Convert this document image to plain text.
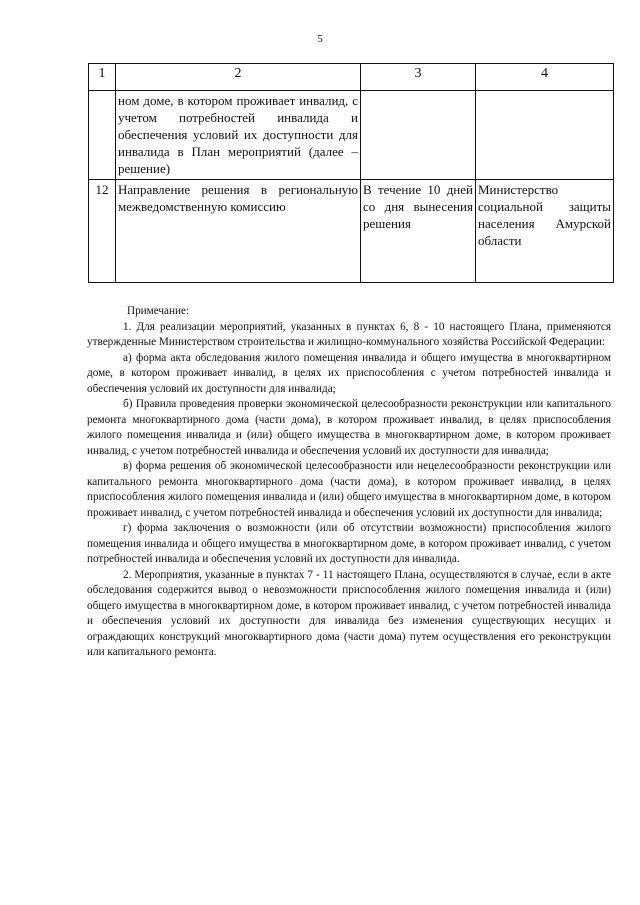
5
1	2	3	4
	ном доме, в котором проживает инвалид, с учетом потребностей инвалида и обеспечения условий их доступности для инвалида в План мероприятий (далее – решение)		
12	Направление решения в региональную межведомственную комиссию	В течение 10 дней со дня вынесения решения	Министерство социальной защиты населения Амурской области

Примечание:

1. Для реализации мероприятий, указанных в пунктах 6, 8 - 10 настоящего Плана, применяются утвержденные Министерством строительства и жилищно-коммунального хозяйства Российской Федерации:

а) форма акта обследования жилого помещения инвалида и общего имущества в многоквартирном доме, в котором проживает инвалид, в целях их приспособления с учетом потребностей инвалида и обеспечения условий их доступности для инвалида;

б) Правила проведения проверки экономической целесообразности реконструкции или капитального ремонта многоквартирного дома (части дома), в котором проживает инвалид, в целях приспособления жилого помещения инвалида и (или) общего имущества в многоквартирном доме, в котором проживает инвалид, с учетом потребностей инвалида и обеспечения условий их доступности для инвалида;

в) форма решения об экономической целесообразности или нецелесообразности реконструкции или капитального ремонта многоквартирного дома (части дома), в котором проживает инвалид, в целях приспособления жилого помещения инвалида и (или) общего имущества в многоквартирном доме, в котором проживает инвалид, с учетом потребностей инвалида и обеспечения условий их доступности для инвалида;

г) форма заключения о возможности (или об отсутствии возможности) приспособления жилого помещения инвалида и общего имущества в многоквартирном доме, в котором проживает инвалид, с учетом потребностей инвалида и обеспечения условий их доступности для инвалида.

2. Мероприятия, указанные в пунктах 7 - 11 настоящего Плана, осуществляются в случае, если в акте обследования содержится вывод о невозможности приспособления жилого помещения инвалида и (или) общего имущества в многоквартирном доме, в котором проживает инвалид, с учетом потребностей инвалида и обеспечения условий их доступности для инвалида без изменения существующих несущих и ограждающих конструкций многоквартирного дома (части дома) путем осуществления его реконструкции или капитального ремонта.
